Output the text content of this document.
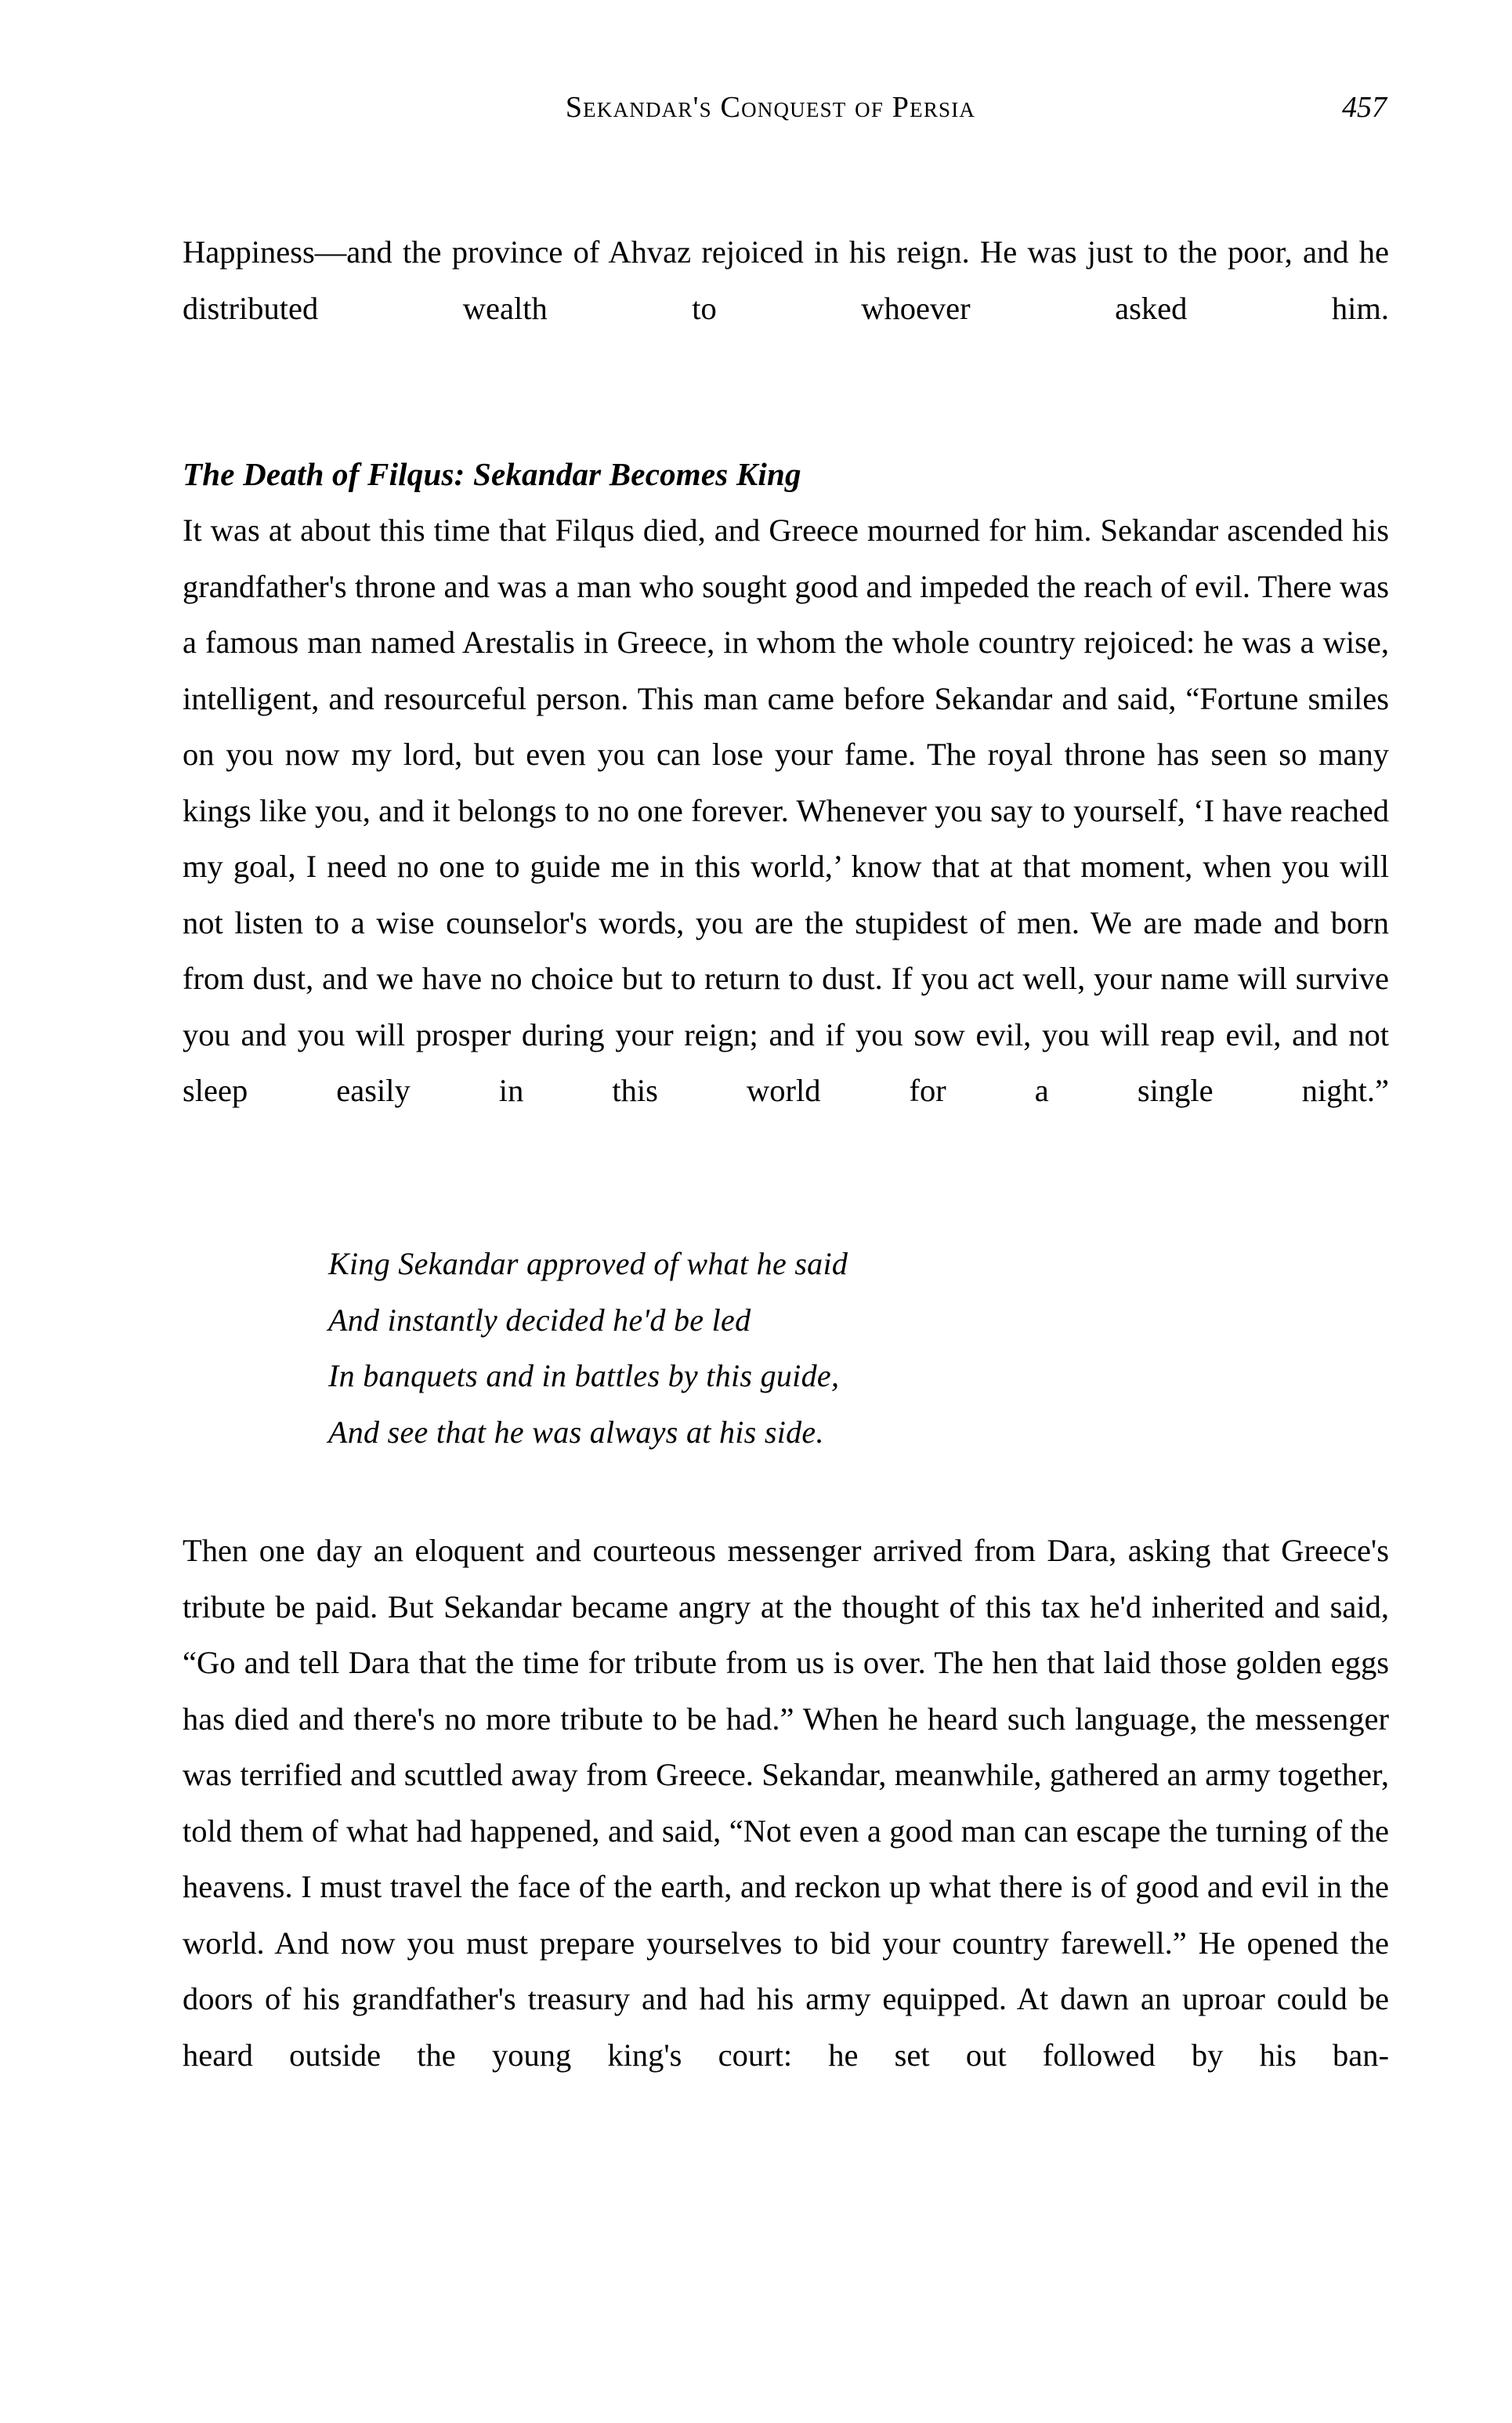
Sekandar's Conquest of Persia	457

Happiness—and the province of Ahvaz rejoiced in his reign. He was just to the poor, and he distributed wealth to whoever asked him.

The Death of Filqus: Sekandar Becomes King

It was at about this time that Filqus died, and Greece mourned for him. Sekandar ascended his grandfather's throne and was a man who sought good and impeded the reach of evil. There was a famous man named Arestalis in Greece, in whom the whole country rejoiced: he was a wise, intelligent, and resourceful person. This man came before Sekandar and said, “Fortune smiles on you now my lord, but even you can lose your fame. The royal throne has seen so many kings like you, and it belongs to no one forever. Whenever you say to yourself, ‘I have reached my goal, I need no one to guide me in this world,’ know that at that moment, when you will not listen to a wise counselor's words, you are the stupidest of men. We are made and born from dust, and we have no choice but to return to dust. If you act well, your name will survive you and you will prosper during your reign; and if you sow evil, you will reap evil, and not sleep easily in this world for a single night.”

King Sekandar approved of what he said
And instantly decided he'd be led
In banquets and in battles by this guide,
And see that he was always at his side.

Then one day an eloquent and courteous messenger arrived from Dara, asking that Greece's tribute be paid. But Sekandar became angry at the thought of this tax he'd inherited and said, “Go and tell Dara that the time for tribute from us is over. The hen that laid those golden eggs has died and there's no more tribute to be had.” When he heard such language, the messenger was terrified and scuttled away from Greece. Sekandar, meanwhile, gathered an army together, told them of what had happened, and said, “Not even a good man can escape the turning of the heavens. I must travel the face of the earth, and reckon up what there is of good and evil in the world. And now you must prepare yourselves to bid your country farewell.” He opened the doors of his grandfather's treasury and had his army equipped. At dawn an uproar could be heard outside the young king's court: he set out followed by his ban-
